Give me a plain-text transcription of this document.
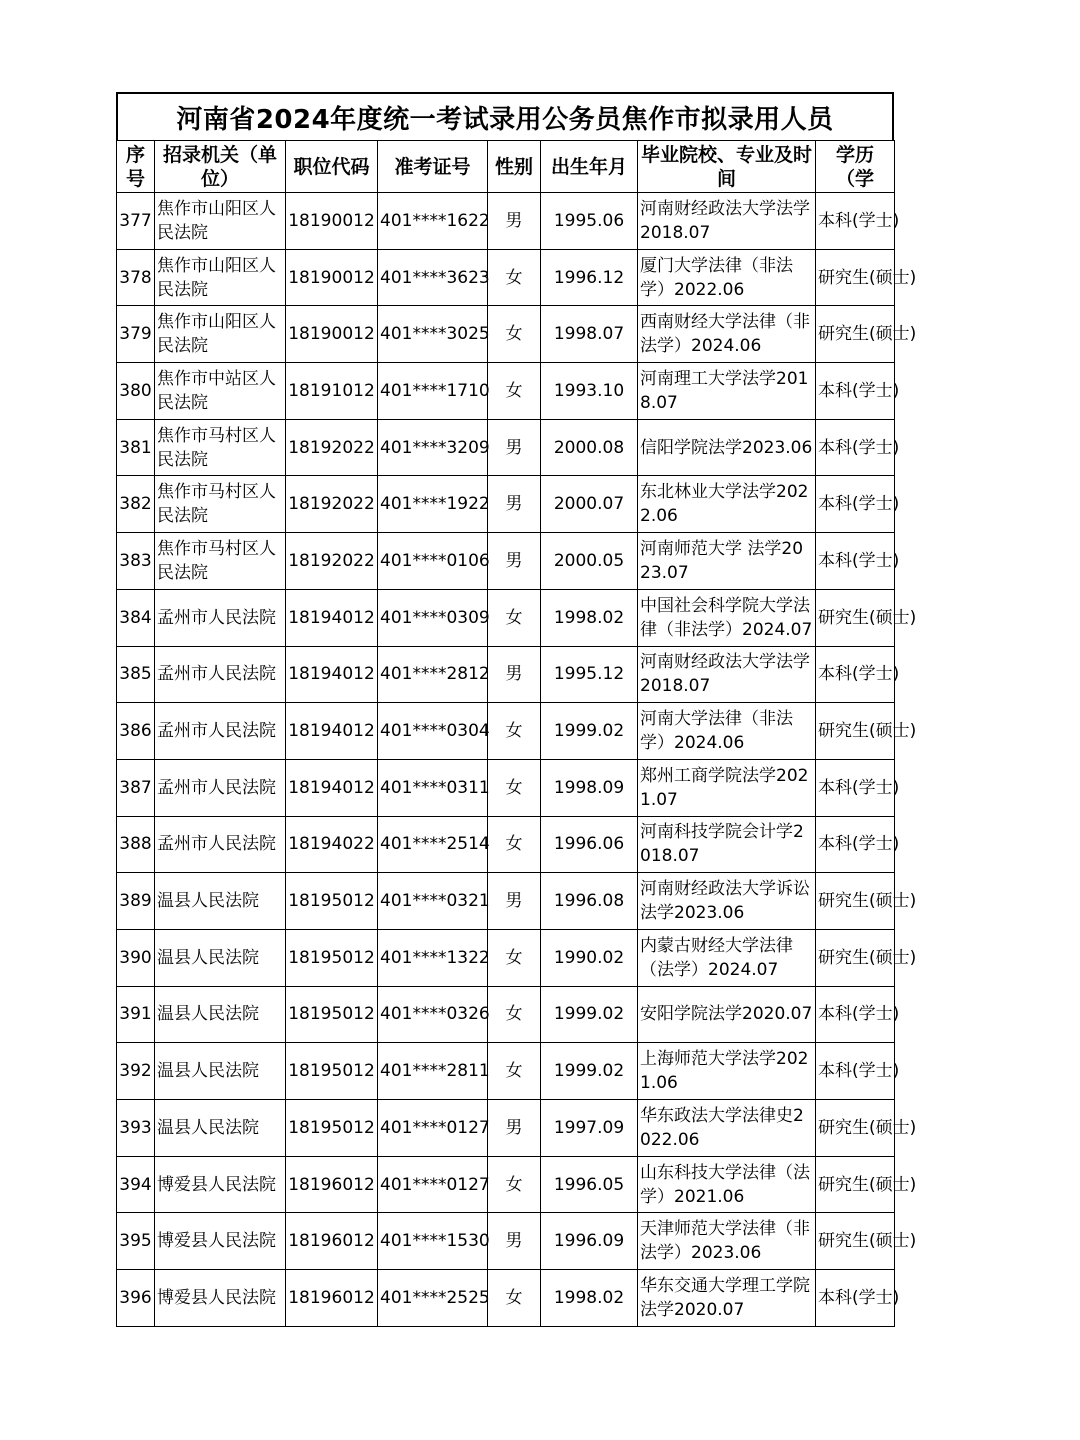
河南省2024年度统一考试录用公务员焦作市拟录用人员
序号	招录机关（单位）	职位代码	准考证号	性别	出生年月	毕业院校、专业及时间	学历（学
377	焦作市山阳区人民法院	18190012	401****1622	男	1995.06	河南财经政法大学法学2018.07	本科(学士)
378	焦作市山阳区人民法院	18190012	401****3623	女	1996.12	厦门大学法律（非法学）2022.06	研究生(硕士)
379	焦作市山阳区人民法院	18190012	401****3025	女	1998.07	西南财经大学法律（非法学）2024.06	研究生(硕士)
380	焦作市中站区人民法院	18191012	401****1710	女	1993.10	河南理工大学法学2018.07	本科(学士)
381	焦作市马村区人民法院	18192022	401****3209	男	2000.08	信阳学院法学2023.06	本科(学士)
382	焦作市马村区人民法院	18192022	401****1922	男	2000.07	东北林业大学法学2022.06	本科(学士)
383	焦作市马村区人民法院	18192022	401****0106	男	2000.05	河南师范大学 法学2023.07	本科(学士)
384	孟州市人民法院	18194012	401****0309	女	1998.02	中国社会科学院大学法律（非法学）2024.07	研究生(硕士)
385	孟州市人民法院	18194012	401****2812	男	1995.12	河南财经政法大学法学2018.07	本科(学士)
386	孟州市人民法院	18194012	401****0304	女	1999.02	河南大学法律（非法学）2024.06	研究生(硕士)
387	孟州市人民法院	18194012	401****0311	女	1998.09	郑州工商学院法学2021.07	本科(学士)
388	孟州市人民法院	18194022	401****2514	女	1996.06	河南科技学院会计学2018.07	本科(学士)
389	温县人民法院	18195012	401****0321	男	1996.08	河南财经政法大学诉讼法学2023.06	研究生(硕士)
390	温县人民法院	18195012	401****1322	女	1990.02	内蒙古财经大学法律（法学）2024.07	研究生(硕士)
391	温县人民法院	18195012	401****0326	女	1999.02	安阳学院法学2020.07	本科(学士)
392	温县人民法院	18195012	401****2811	女	1999.02	上海师范大学法学2021.06	本科(学士)
393	温县人民法院	18195012	401****0127	男	1997.09	华东政法大学法律史2022.06	研究生(硕士)
394	博爱县人民法院	18196012	401****0127	女	1996.05	山东科技大学法律（法学）2021.06	研究生(硕士)
395	博爱县人民法院	18196012	401****1530	男	1996.09	天津师范大学法律（非法学）2023.06	研究生(硕士)
396	博爱县人民法院	18196012	401****2525	女	1998.02	华东交通大学理工学院法学2020.07	本科(学士)
